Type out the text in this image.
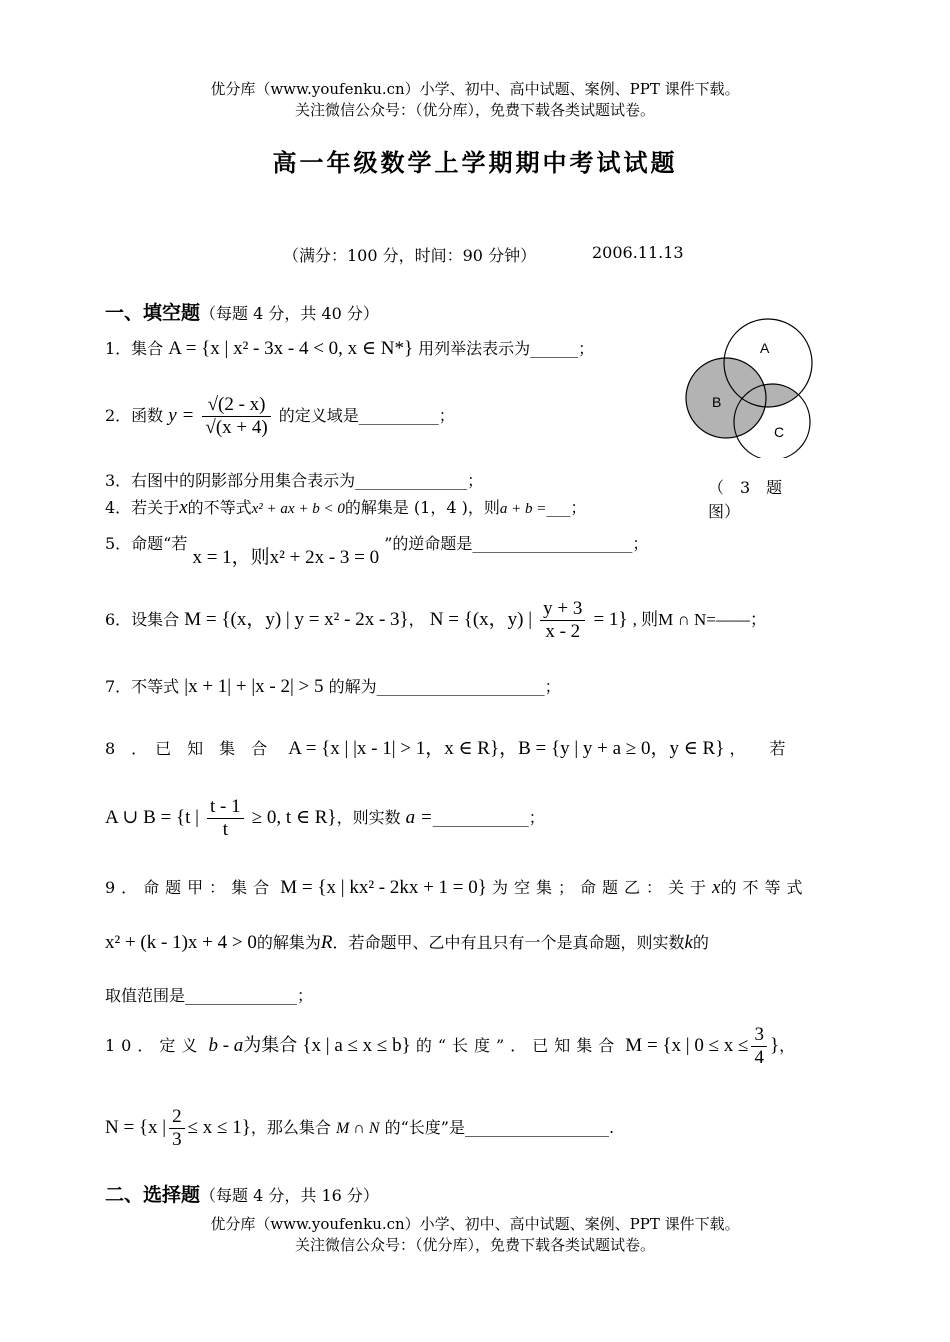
优分库（www.youfenku.cn）小学、初中、高中试题、案例、PPT 课件下载。
关注微信公众号：（优分库），免费下载各类试题试卷。
高一年级数学上学期期中考试试题
（满分：100 分，时间：90 分钟）	2006.11.13
一、填空题（每题 4 分，共 40 分）
A
B
C
（　3　题
图）
1．集合 A = {x | x² - 3x - 4 < 0, x ∈ N*} 用列举法表示为______；
2．函数 $y = \frac{√(2 - x)}{√(x + 4)}$ 的定义域是__________；
3．右图中的阴影部分用集合表示为______________；
4．若关于x的不等式x² + ax + b < 0的解集是 (1，4 )，则a + b =___；
5．命题“若 x = 1，则x² + 2x - 3 = 0 ”的逆命题是____________________；
6．设集合 M = {(x，y) | y = x² - 2x - 3}， N = {(x，y) | $\frac{y + 3}{x - 2} = 1$} , 则M ∩ N=——；
7．不等式 |x + 1| + |x - 2| > 5 的解为_____________________；
8　．　已　知　集　合 A = {x | |x - 1| > 1，x ∈ R}，B = {y | y + a ≥ 0，y ∈ R} ，　　若
A ∪ B = {t | $\frac{t - 1}{t} \ge 0$, t ∈ R}，则实数 a =____________；
9．命题甲：集合 M = {x | kx² - 2kx + 1 = 0} 为空集；命题乙：关于x的不等式
x² + (k - 1)x + 4 > 0的解集为R．若命题甲、乙中有且只有一个是真命题，则实数k的
取值范围是______________；
10．定义 b - a为集合 {x | a ≤ x ≤ b} 的“长度”．已知集合 M = {x | $0 \le x \le \frac{3}{4}$ }，
N = {x | $\frac{2}{3} \le x \le 1$}，那么集合 M ∩ N 的“长度”是__________________.
二、选择题（每题 4 分，共 16 分）
优分库（www.youfenku.cn）小学、初中、高中试题、案例、PPT 课件下载。
关注微信公众号：（优分库），免费下载各类试题试卷。
